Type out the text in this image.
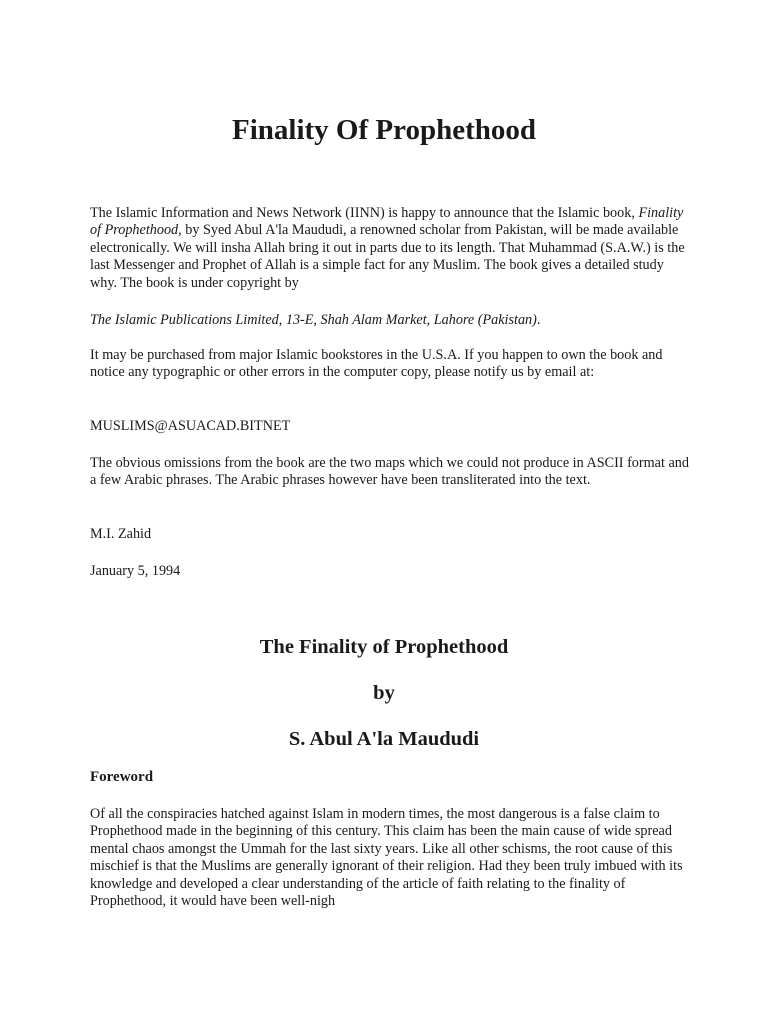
Finality Of Prophethood

The Islamic Information and News Network (IINN) is happy to announce that the Islamic book, Finality of Prophethood, by Syed Abul A'la Maududi, a renowned scholar from Pakistan, will be made available electronically. We will insha Allah bring it out in parts due to its length. That Muhammad (S.A.W.) is the last Messenger and Prophet of Allah is a simple fact for any Muslim. The book gives a detailed study why. The book is under copyright by

The Islamic Publications Limited, 13-E, Shah Alam Market, Lahore (Pakistan).

It may be purchased from major Islamic bookstores in the U.S.A. If you happen to own the book and notice any typographic or other errors in the computer copy, please notify us by email at:

MUSLIMS@ASUACAD.BITNET

The obvious omissions from the book are the two maps which we could not produce in ASCII format and a few Arabic phrases. The Arabic phrases however have been transliterated into the text.

M.I. Zahid

January 5, 1994

The Finality of Prophethood
by
S. Abul A'la Maududi
Foreword

Of all the conspiracies hatched against Islam in modern times, the most dangerous is a false claim to Prophethood made in the beginning of this century. This claim has been the main cause of wide spread mental chaos amongst the Ummah for the last sixty years. Like all other schisms, the root cause of this mischief is that the Muslims are generally ignorant of their religion. Had they been truly imbued with its knowledge and developed a clear understanding of the article of faith relating to the finality of Prophethood, it would have been well-nigh
